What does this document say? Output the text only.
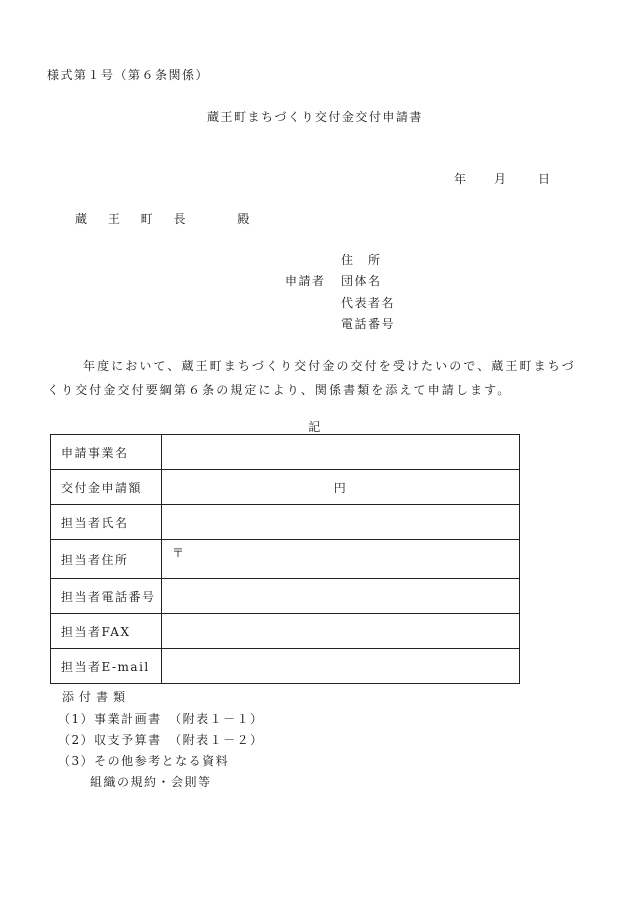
様式第１号（第６条関係）
蔵王町まちづくり交付金交付申請書
年	月	日
蔵 王 町 長	殿
申請者
住　所
団体名
代表者名
電話番号
年度において、蔵王町まちづくり交付金の交付を受けたいので、蔵王町まちづくり交付金交付要綱第６条の規定により、関係書類を添えて申請します。
記
申請事業名	
交付金申請額	円
担当者氏名	
担当者住所	〒
担当者電話番号	
担当者FAX	
担当者E-mail	
添付書類
（1）事業計画書　（附表１－１）
（2）収支予算書　（附表１－２）
（3）その他参考となる資料
組織の規約・会則等
